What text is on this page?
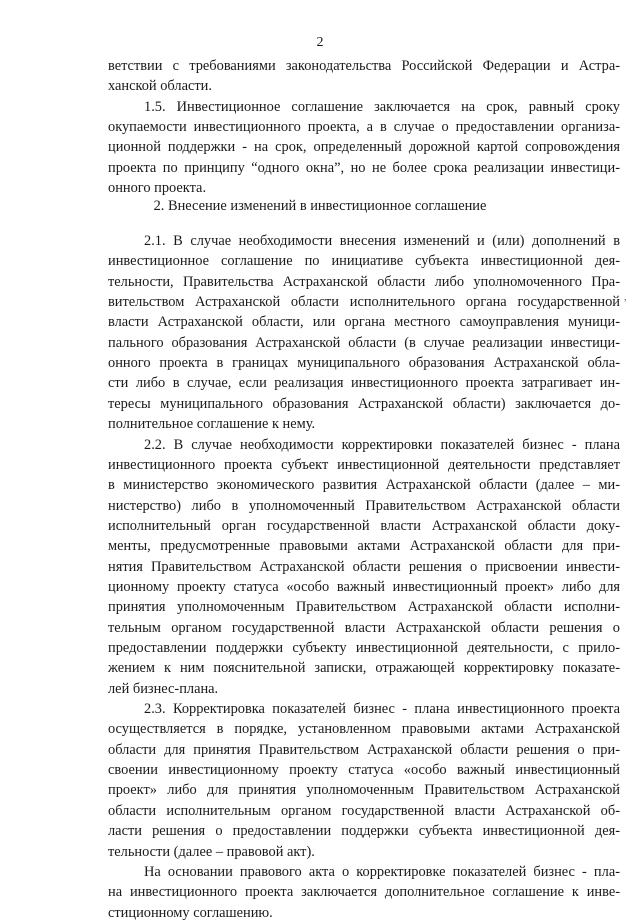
2
ветствии с требованиями законодательства Российской Федерации и Астра-
ханской области.
1.5. Инвестиционное соглашение заключается на срок, равный сроку
окупаемости инвестиционного проекта, а в случае о предоставлении организа-
ционной поддержки - на срок, определенный дорожной картой сопровождения
проекта по принципу “одного окна”, но не более срока реализации инвестици-
онного проекта.
2. Внесение изменений в инвестиционное соглашение
,
2.1. В случае необходимости внесения изменений и (или) дополнений в
инвестиционное соглашение по инициативе субъекта инвестиционной дея-
тельности, Правительства Астраханской области либо уполномоченного Пра-
вительством Астраханской области исполнительного органа государственной
власти Астраханской области, или органа местного самоуправления муници-
пального образования Астраханской области (в случае реализации инвестици-
онного проекта в границах муниципального образования Астраханской обла-
сти либо в случае, если реализация инвестиционного проекта затрагивает ин-
тересы муниципального образования Астраханской области) заключается до-
полнительное соглашение к нему.
2.2. В случае необходимости корректировки показателей бизнес - плана
инвестиционного проекта субъект инвестиционной деятельности представляет
в министерство экономического развития Астраханской области (далее – ми-
нистерство) либо в уполномоченный Правительством Астраханской области
исполнительный орган государственной власти Астраханской области доку-
менты, предусмотренные правовыми актами Астраханской области для при-
нятия Правительством Астраханской области решения о присвоении инвести-
ционному проекту статуса «особо важный инвестиционный проект» либо для
принятия уполномоченным Правительством Астраханской области исполни-
тельным органом государственной власти Астраханской области решения о
предоставлении поддержки субъекту инвестиционной деятельности, с прило-
жением к ним пояснительной записки, отражающей корректировку показате-
лей бизнес-плана.
2.3. Корректировка показателей бизнес - плана инвестиционного проекта
осуществляется в порядке, установленном правовыми актами Астраханской
области для принятия Правительством Астраханской области решения о при-
своении инвестиционному проекту статуса «особо важный инвестиционный
проект» либо для принятия уполномоченным Правительством Астраханской
области исполнительным органом государственной власти Астраханской об-
ласти решения о предоставлении поддержки субъекта инвестиционной дея-
тельности (далее – правовой акт).
На основании правового акта о корректировке показателей бизнес - пла-
на инвестиционного проекта заключается дополнительное соглашение к инве-
стиционному соглашению.
